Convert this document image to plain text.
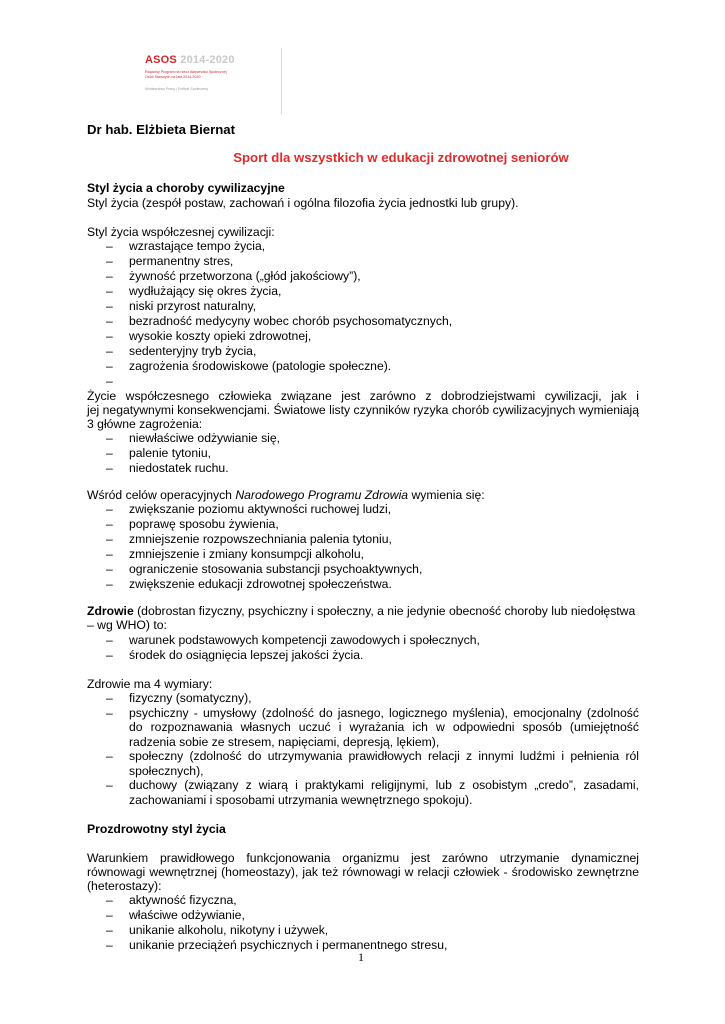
ASOS 2014-2020
Rządowy Program na rzecz Aktywności Społecznej
Osób Starszych na lata 2014-2020
Ministerstwo Pracy i Polityki Społecznej
Dr hab. Elżbieta Biernat
Sport dla wszystkich w edukacji zdrowotnej seniorów
Styl życia a choroby cywilizacyjne
Styl życia (zespół postaw, zachowań i ogólna filozofia życia jednostki lub grupy).
Styl życia współczesnej cywilizacji:
– wzrastające tempo życia,
– permanentny stres,
– żywność przetworzona („głód jakościowy”),
– wydłużający się okres życia,
– niski przyrost naturalny,
– bezradność medycyny wobec chorób psychosomatycznych,
– wysokie koszty opieki zdrowotnej,
– sedenteryjny tryb życia,
– zagrożenia środowiskowe (patologie społeczne).
–
Życie współczesnego człowieka związane jest zarówno z dobrodziejstwami cywilizacji, jak i
jej negatywnymi konsekwencjami. Światowe listy czynników ryzyka chorób cywilizacyjnych wymieniają
3 główne zagrożenia:
– niewłaściwe odżywianie się,
– palenie tytoniu,
– niedostatek ruchu.
Wśród celów operacyjnych Narodowego Programu Zdrowia wymienia się:
– zwiększanie poziomu aktywności ruchowej ludzi,
– poprawę sposobu żywienia,
– zmniejszenie rozpowszechniania palenia tytoniu,
– zmniejszenie i zmiany konsumpcji alkoholu,
– ograniczenie stosowania substancji psychoaktywnych,
– zwiększenie edukacji zdrowotnej społeczeństwa.
Zdrowie (dobrostan fizyczny, psychiczny i społeczny, a nie jedynie obecność choroby lub niedołęstwa
– wg WHO) to:
– warunek podstawowych kompetencji zawodowych i społecznych,
– środek do osiągnięcia lepszej jakości życia.
Zdrowie ma 4 wymiary:
– fizyczny (somatyczny),
– psychiczny - umysłowy (zdolność do jasnego, logicznego myślenia), emocjonalny (zdolność
do rozpoznawania własnych uczuć i wyrażania ich w odpowiedni sposób (umiejętność
radzenia sobie ze stresem, napięciami, depresją, lękiem),
– społeczny (zdolność do utrzymywania prawidłowych relacji z innymi ludźmi i pełnienia ról
społecznych),
– duchowy (związany z wiarą i praktykami religijnymi, lub z osobistym „credo”, zasadami,
zachowaniami i sposobami utrzymania wewnętrznego spokoju).
Prozdrowotny styl życia
Warunkiem prawidłowego funkcjonowania organizmu jest zarówno utrzymanie dynamicznej
równowagi wewnętrznej (homeostazy), jak też równowagi w relacji człowiek - środowisko zewnętrzne
(heterostazy):
– aktywność fizyczna,
– właściwe odżywianie,
– unikanie alkoholu, nikotyny i używek,
– unikanie przeciążeń psychicznych i permanentnego stresu,
1
